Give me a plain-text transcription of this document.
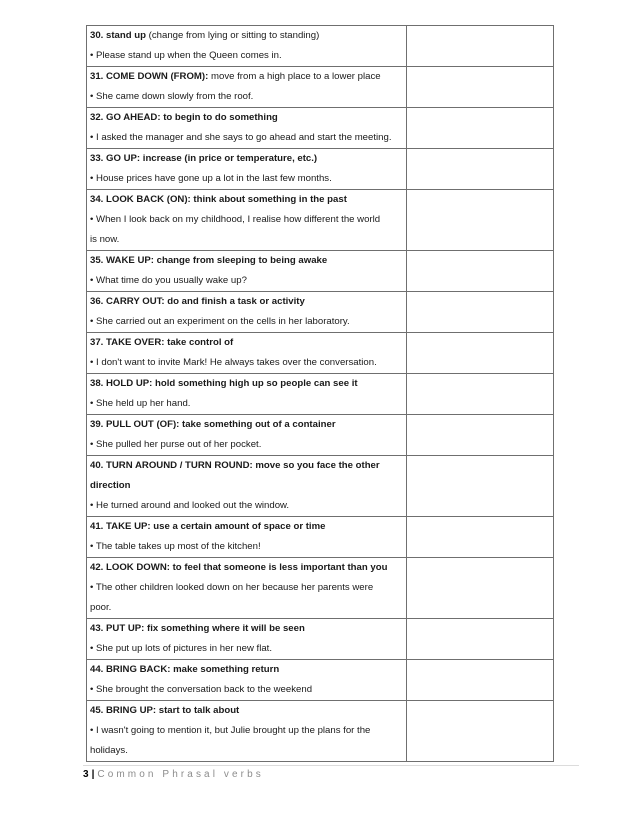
30. stand up (change from lying or sitting to standing)
• Please stand up when the Queen comes in.	

31. COME DOWN (FROM): move from a high place to a lower place
• She came down slowly from the roof.	

32. GO AHEAD: to begin to do something
• I asked the manager and she says to go ahead and start the meeting.	

33. GO UP: increase (in price or temperature, etc.)
• House prices have gone up a lot in the last few months.	

34. LOOK BACK (ON): think about something in the past
• When I look back on my childhood, I realise how different the world
is now.	

35. WAKE UP: change from sleeping to being awake
• What time do you usually wake up?	

36. CARRY OUT: do and finish a task or activity
• She carried out an experiment on the cells in her laboratory.	

37. TAKE OVER: take control of
• I don't want to invite Mark! He always takes over the conversation.	

38. HOLD UP: hold something high up so people can see it
• She held up her hand.	

39. PULL OUT (OF): take something out of a container
• She pulled her purse out of her pocket.	

40. TURN AROUND / TURN ROUND: move so you face the other
direction
• He turned around and looked out the window.	

41. TAKE UP: use a certain amount of space or time
• The table takes up most of the kitchen!	

42. LOOK DOWN: to feel that someone is less important than you
• The other children looked down on her because her parents were
poor.	

43. PUT UP: fix something where it will be seen
• She put up lots of pictures in her new flat.	

44. BRING BACK: make something return
• She brought the conversation back to the weekend	

45. BRING UP: start to talk about
• I wasn't going to mention it, but Julie brought up the plans for the
holidays.	

3 | Common Phrasal verbs
